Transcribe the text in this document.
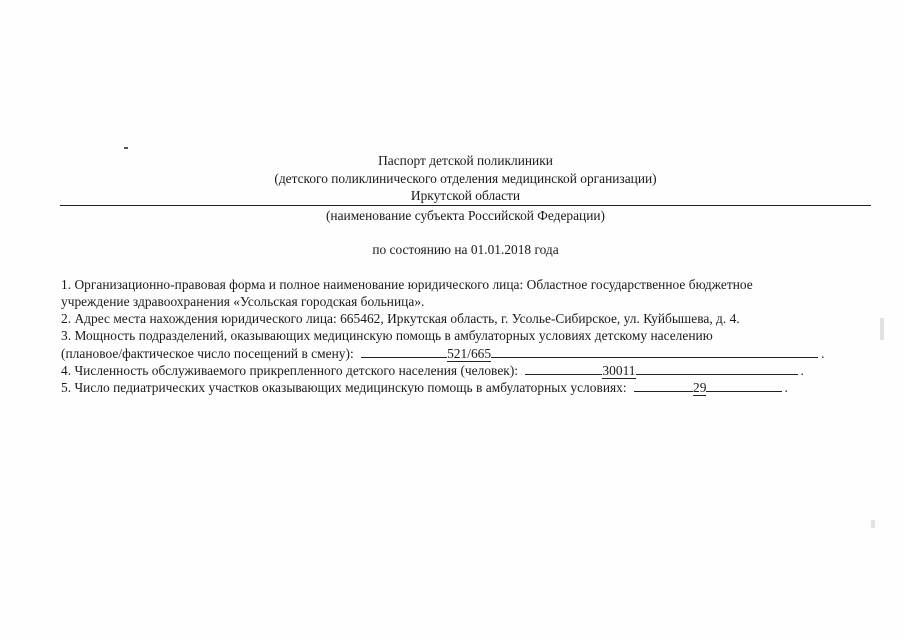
Паспорт детской поликлиники
(детского поликлинического отделения медицинской организации)
Иркутской области
(наименование субъекта Российской Федерации)
по состоянию на 01.01.2018 года
1. Организационно-правовая форма и полное наименование юридического лица: Областное государственное бюджетное
учреждение здравоохранения «Усольская городская больница».
2. Адрес места нахождения юридического лица: 665462, Иркутская область, г. Усолье-Сибирское, ул. Куйбышева, д. 4.
3. Мощность подразделений, оказывающих медицинскую помощь в амбулаторных условиях детскому населению
(плановое/фактическое число посещений в смену):	521/665	.
4. Численность обслуживаемого прикрепленного детского населения (человек):	30011	.
5. Число педиатрических участков оказывающих медицинскую помощь в амбулаторных условиях:	29	.
